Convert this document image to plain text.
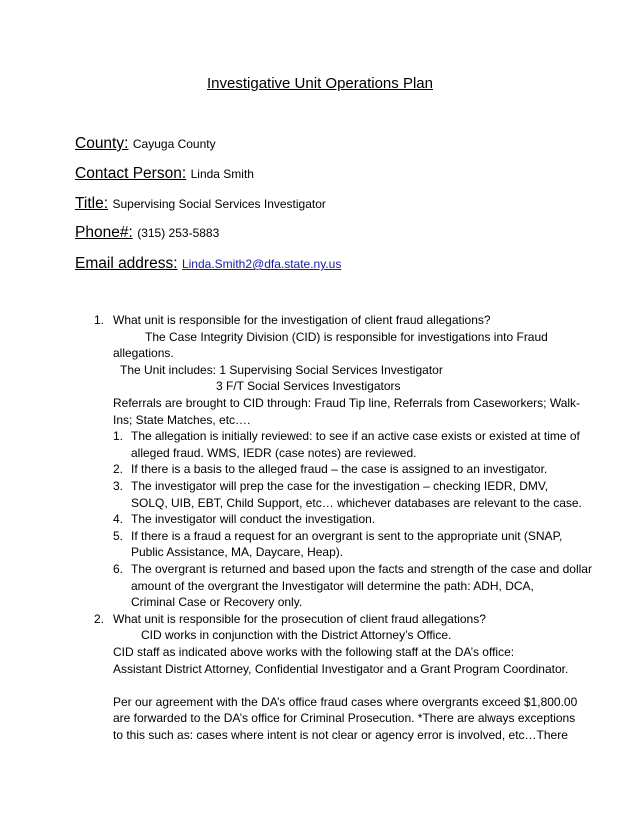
Investigative Unit Operations Plan
County: Cayuga County
Contact Person: Linda Smith
Title: Supervising Social Services Investigator
Phone#: (315) 253-5883
Email address: Linda.Smith2@dfa.state.ny.us
1. What unit is responsible for the investigation of client fraud allegations?
The Case Integrity Division (CID) is responsible for investigations into Fraud
allegations.
The Unit includes: 1 Supervising Social Services Investigator
3 F/T Social Services Investigators
Referrals are brought to CID through: Fraud Tip line, Referrals from Caseworkers; Walk-
Ins; State Matches, etc….
1. The allegation is initially reviewed: to see if an active case exists or existed at time of
alleged fraud. WMS, IEDR (case notes) are reviewed.
2. If there is a basis to the alleged fraud – the case is assigned to an investigator.
3. The investigator will prep the case for the investigation – checking IEDR, DMV,
SOLQ, UIB, EBT, Child Support, etc… whichever databases are relevant to the case.
4. The investigator will conduct the investigation.
5. If there is a fraud a request for an overgrant is sent to the appropriate unit (SNAP,
Public Assistance, MA, Daycare, Heap).
6. The overgrant is returned and based upon the facts and strength of the case and dollar
amount of the overgrant the Investigator will determine the path: ADH, DCA,
Criminal Case or Recovery only.
2. What unit is responsible for the prosecution of client fraud allegations?
CID works in conjunction with the District Attorney’s Office.
CID staff as indicated above works with the following staff at the DA’s office:
Assistant District Attorney, Confidential Investigator and a Grant Program Coordinator.
Per our agreement with the DA’s office fraud cases where overgrants exceed $1,800.00
are forwarded to the DA’s office for Criminal Prosecution. *There are always exceptions
to this such as: cases where intent is not clear or agency error is involved, etc…There
